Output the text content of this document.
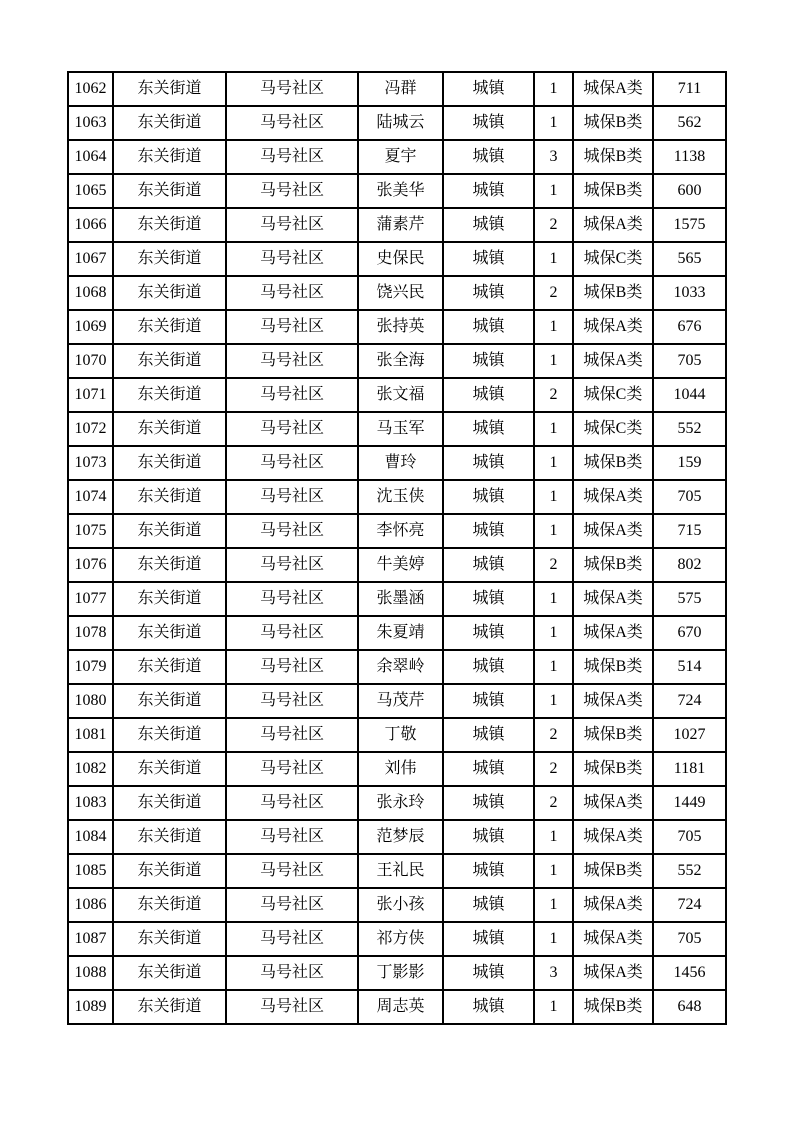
1062	东关街道	马号社区	冯群	城镇	1	城保A类	711
1063	东关街道	马号社区	陆城云	城镇	1	城保B类	562
1064	东关街道	马号社区	夏宇	城镇	3	城保B类	1138
1065	东关街道	马号社区	张美华	城镇	1	城保B类	600
1066	东关街道	马号社区	蒲素芹	城镇	2	城保A类	1575
1067	东关街道	马号社区	史保民	城镇	1	城保C类	565
1068	东关街道	马号社区	饶兴民	城镇	2	城保B类	1033
1069	东关街道	马号社区	张持英	城镇	1	城保A类	676
1070	东关街道	马号社区	张全海	城镇	1	城保A类	705
1071	东关街道	马号社区	张文福	城镇	2	城保C类	1044
1072	东关街道	马号社区	马玉军	城镇	1	城保C类	552
1073	东关街道	马号社区	曹玲	城镇	1	城保B类	159
1074	东关街道	马号社区	沈玉侠	城镇	1	城保A类	705
1075	东关街道	马号社区	李怀亮	城镇	1	城保A类	715
1076	东关街道	马号社区	牛美婷	城镇	2	城保B类	802
1077	东关街道	马号社区	张墨涵	城镇	1	城保A类	575
1078	东关街道	马号社区	朱夏靖	城镇	1	城保A类	670
1079	东关街道	马号社区	余翠岭	城镇	1	城保B类	514
1080	东关街道	马号社区	马茂芹	城镇	1	城保A类	724
1081	东关街道	马号社区	丁敬	城镇	2	城保B类	1027
1082	东关街道	马号社区	刘伟	城镇	2	城保B类	1181
1083	东关街道	马号社区	张永玲	城镇	2	城保A类	1449
1084	东关街道	马号社区	范梦辰	城镇	1	城保A类	705
1085	东关街道	马号社区	王礼民	城镇	1	城保B类	552
1086	东关街道	马号社区	张小孩	城镇	1	城保A类	724
1087	东关街道	马号社区	祁方侠	城镇	1	城保A类	705
1088	东关街道	马号社区	丁影影	城镇	3	城保A类	1456
1089	东关街道	马号社区	周志英	城镇	1	城保B类	648
